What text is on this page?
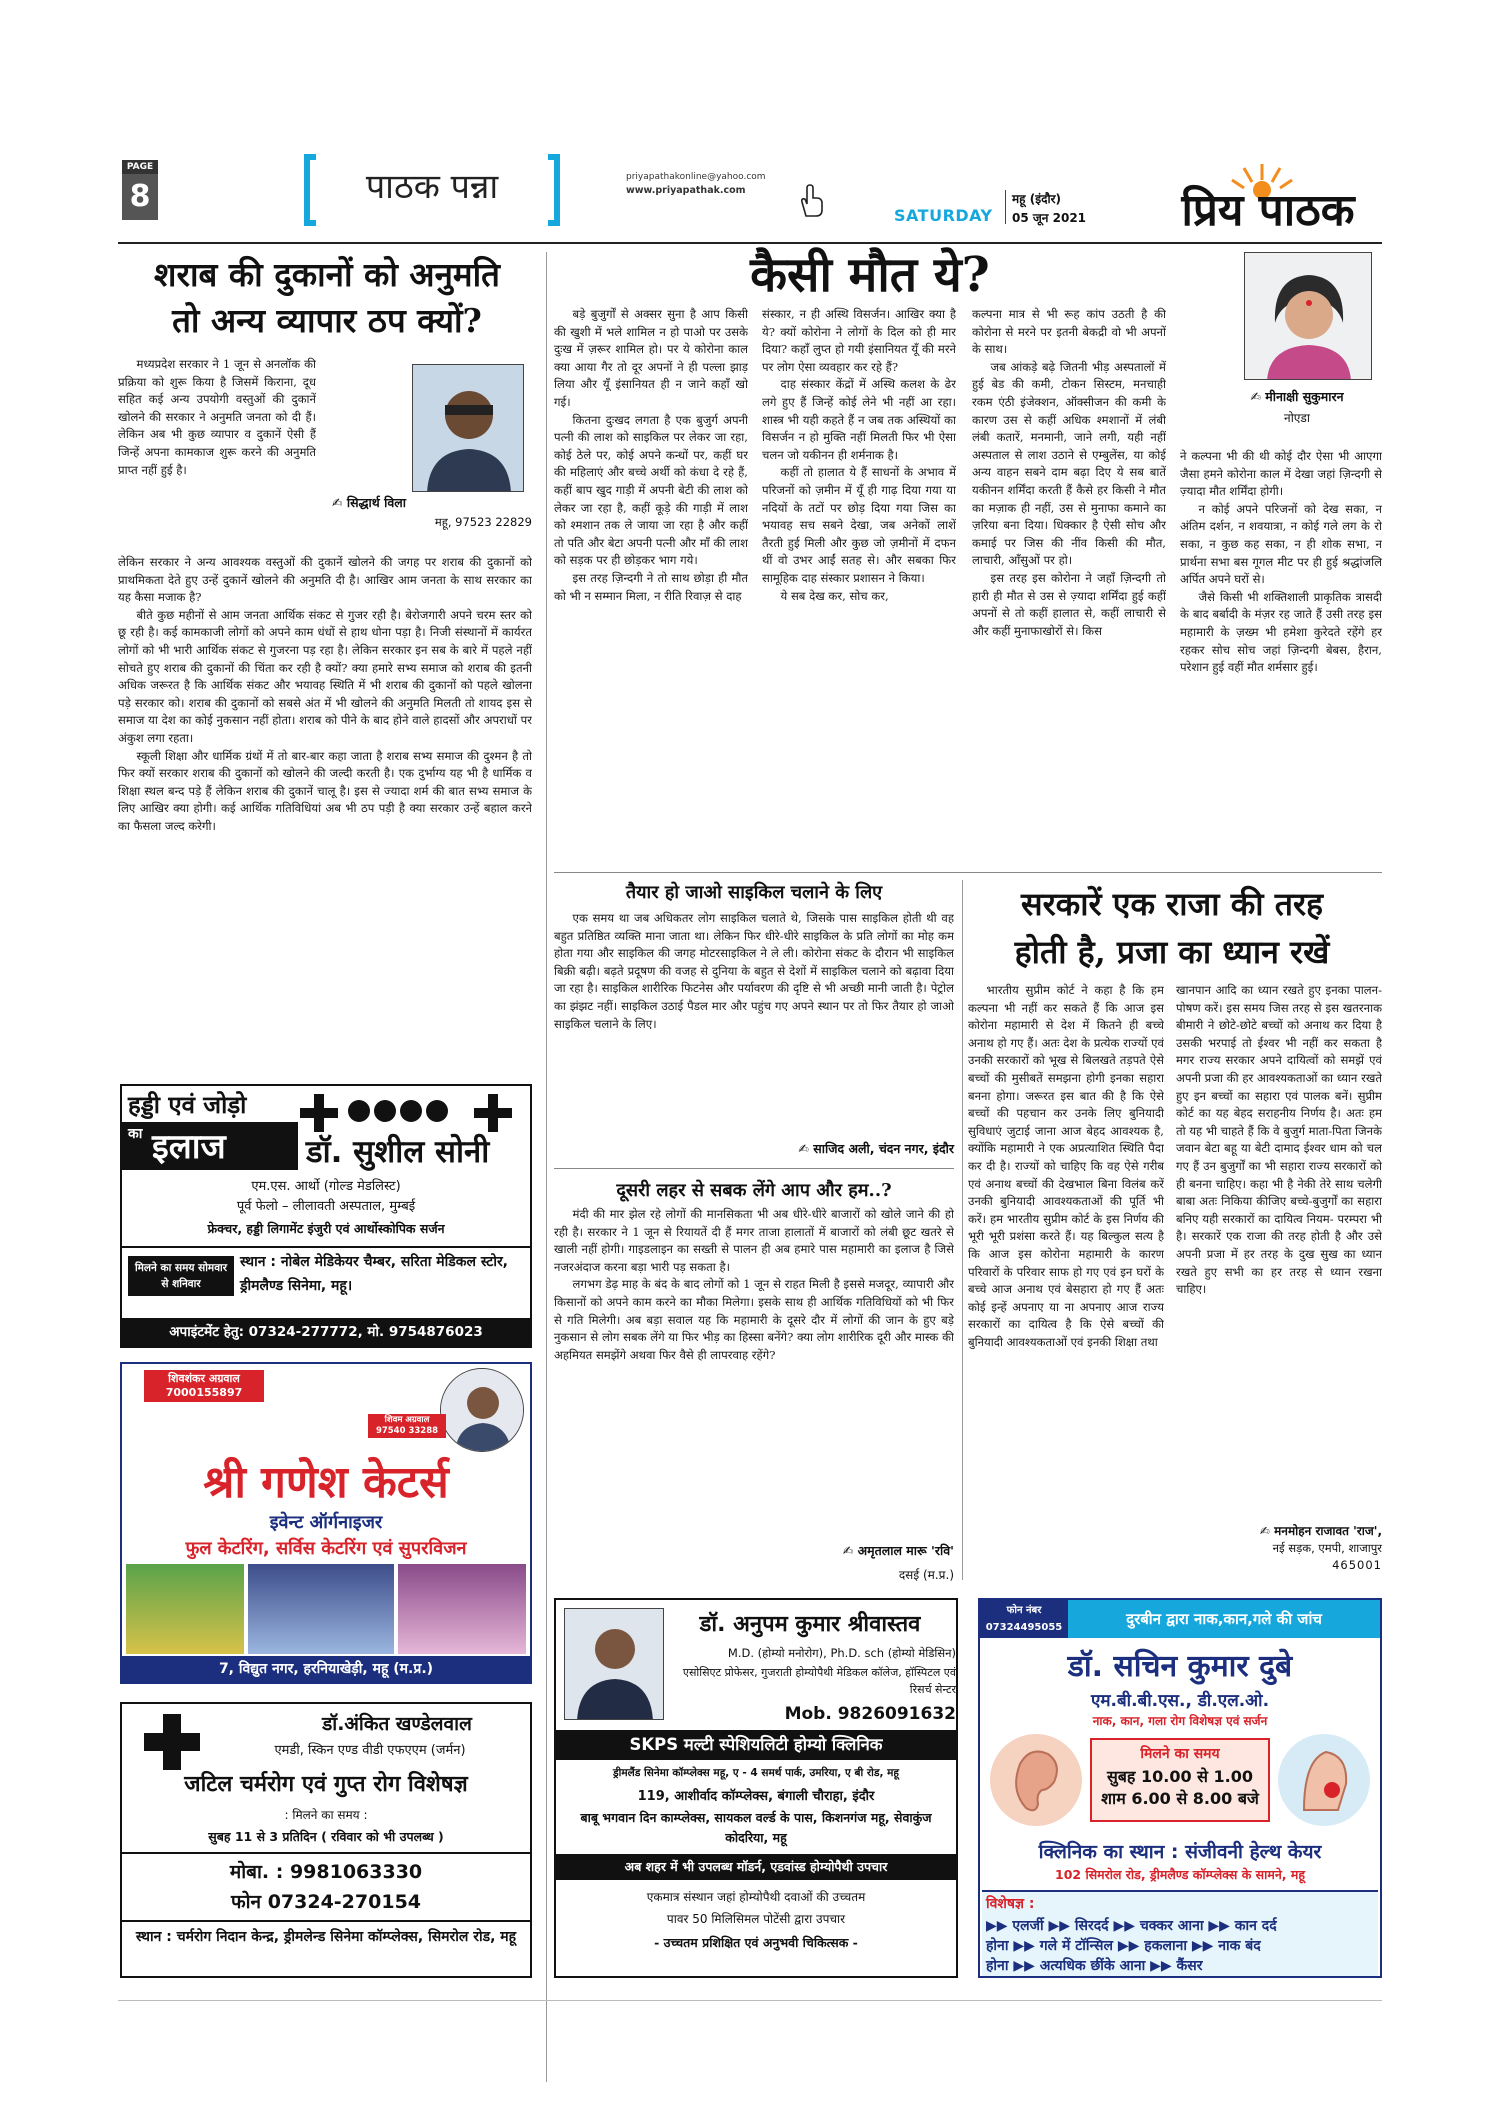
PAGE
8	पाठक पन्ना	priyapathakonline@yahoo.com
www.priyapathak.com
SATURDAY
महू (इंदौर)
05 जून 2021	प्रिय पाठक
शराब की दुकानों को अनुमति
तो अन्य व्यापार ठप क्यों?

मध्यप्रदेश सरकार ने 1 जून से अनलॉक की प्रक्रिया को शुरू किया है जिसमें किराना, दूध सहित कई अन्य उपयोगी वस्तुओं की दुकानें खोलने की सरकार ने अनुमति जनता को दी हैं। लेकिन अब भी कुछ व्यापार व दुकानें ऐसी हैं जिन्हें अपना कामकाज शुरू करने की अनुमति प्राप्त नहीं हुई है।

✍ सिद्धार्थ विला
महू, 97523 22829

लेकिन सरकार ने अन्य आवश्यक वस्तुओं की दुकानें खोलने की जगह पर शराब की दुकानों को प्राथमिकता देते हुए उन्हें दुकानें खोलने की अनुमति दी है। आखिर आम जनता के साथ सरकार का यह कैसा मजाक है?

बीते कुछ महीनों से आम जनता आर्थिक संकट से गुजर रही है। बेरोजगारी अपने चरम स्तर को छू रही है। कई कामकाजी लोगों को अपने काम धंधों से हाथ धोना पड़ा है। निजी संस्थानों में कार्यरत लोगों को भी भारी आर्थिक संकट से गुजरना पड़ रहा है। लेकिन सरकार इन सब के बारे में पहले नहीं सोचते हुए शराब की दुकानों की चिंता कर रही है क्यों? क्या हमारे सभ्य समाज को शराब की इतनी अधिक जरूरत है कि आर्थिक संकट और भयावह स्थिति में भी शराब की दुकानों को पहले खोलना पड़े सरकार को। शराब की दुकानों को सबसे अंत में भी खोलने की अनुमति मिलती तो शायद इस से समाज या देश का कोई नुकसान नहीं होता। शराब को पीने के बाद होने वाले हादसों और अपराधों पर अंकुश लगा रहता।

स्कूली शिक्षा और धार्मिक ग्रंथों में तो बार-बार कहा जाता है शराब सभ्य समाज की दुश्मन है तो फिर क्यों सरकार शराब की दुकानों को खोलने की जल्दी करती है। एक दुर्भाग्य यह भी है धार्मिक व शिक्षा स्थल बन्द पड़े हैं लेकिन शराब की दुकानें चालू है। इस से ज्यादा शर्म की बात सभ्य समाज के लिए आखिर क्या होगी। कई आर्थिक गतिविधियां अब भी ठप पड़ी है क्या सरकार उन्हें बहाल करने का फैसला जल्द करेगी।

कैसी मौत ये?
✍ मीनाक्षी सुकुमारन
नोएडा

बड़े बुजुर्गों से अक्सर सुना है आप किसी की खुशी में भले शामिल न हो पाओ पर उसके दुःख में ज़रूर शामिल हो। पर ये कोरोना काल क्या आया गैर तो दूर अपनों ने ही पल्ला झाड़ लिया और यूँ इंसानियत ही न जाने कहाँ खो गई।

कितना दुःखद लगता है एक बुजुर्ग अपनी पत्नी की लाश को साइकिल पर लेकर जा रहा, कोई ठेले पर, कोई अपने कन्धों पर, कहीं घर की महिलाएं और बच्चे अर्थी को कंधा दे रहे हैं, कहीं बाप खुद गाड़ी में अपनी बेटी की लाश को लेकर जा रहा है, कहीं कूड़े की गाड़ी में लाश को श्मशान तक ले जाया जा रहा है और कहीं तो पति और बेटा अपनी पत्नी और माँ की लाश को सड़क पर ही छोड़कर भाग गये।

इस तरह ज़िन्दगी ने तो साथ छोड़ा ही मौत को भी न सम्मान मिला, न रीति रिवाज़ से दाह

संस्कार, न ही अस्थि विसर्जन। आखिर क्या है ये? क्यों कोरोना ने लोगों के दिल को ही मार दिया? कहाँ लुप्त हो गयी इंसानियत यूँ की मरने पर लोग ऐसा व्यवहार कर रहे हैं?

दाह संस्कार केंद्रों में अस्थि कलश के ढेर लगे हुए हैं जिन्हें कोई लेने भी नहीं आ रहा। शास्त्र भी यही कहते हैं न जब तक अस्थियों का विसर्जन न हो मुक्ति नहीं मिलती फिर भी ऐसा चलन जो यकीनन ही शर्मनाक है।

कहीं तो हालात ये हैं साधनों के अभाव में परिजनों को ज़मीन में यूँ ही गाढ़ दिया गया या नदियों के तटों पर छोड़ दिया गया जिस का भयावह सच सबने देखा, जब अनेकों लाशें तैरती हुई मिली और कुछ जो ज़मीनों में दफन थीं वो उभर आईं सतह से। और सबका फिर सामूहिक दाह संस्कार प्रशासन ने किया।

ये सब देख कर, सोच कर,

कल्पना मात्र से भी रूह कांप उठती है की कोरोना से मरने पर इतनी बेकद्री वो भी अपनों के साथ।

जब आंकड़े बढ़े जितनी भीड़ अस्पतालों में हुई बेड की कमी, टोकन सिस्टम, मनचाही रकम एंठी इंजेक्शन, ऑक्सीजन की कमी के कारण उस से कहीं अधिक श्मशानों में लंबी लंबी कतारें, मनमानी, जाने लगी, यही नहीं अस्पताल से लाश उठाने से एम्बुलेंस, या कोई अन्य वाहन सबने दाम बढ़ा दिए ये सब बातें यकीनन शर्मिंदा करती हैं कैसे हर किसी ने मौत का मज़ाक ही नहीं, उस से मुनाफा कमाने का ज़रिया बना दिया। धिक्कार है ऐसी सोच और कमाई पर जिस की नींव किसी की मौत, लाचारी, आँसुओं पर हो।

इस तरह इस कोरोना ने जहाँ ज़िन्दगी तो हारी ही मौत से उस से ज़्यादा शर्मिंदा हुई कहीं अपनों से तो कहीं हालात से, कहीं लाचारी से और कहीं मुनाफाखोरों से। किस

ने कल्पना भी की थी कोई दौर ऐसा भी आएगा जैसा हमने कोरोना काल में देखा जहां ज़िन्दगी से ज़्यादा मौत शर्मिंदा होगी।

न कोई अपने परिजनों को देख सका, न अंतिम दर्शन, न शवयात्रा, न कोई गले लग के रो सका, न कुछ कह सका, न ही शोक सभा, न प्रार्थना सभा बस गूगल मीट पर ही हुई श्रद्धांजलि अर्पित अपने घरों से।

जैसे किसी भी शक्तिशाली प्राकृतिक त्रासदी के बाद बर्बादी के मंज़र रह जाते हैं उसी तरह इस महामारी के ज़ख्म भी हमेशा कुरेदते रहेंगे हर रहकर सोच सोच जहां ज़िन्दगी बेबस, हैरान, परेशान हुई वहीं मौत शर्मसार हुई।

तैयार हो जाओ साइकिल चलाने के लिए

एक समय था जब अधिकतर लोग साइकिल चलाते थे, जिसके पास साइकिल होती थी वह बहुत प्रतिष्ठित व्यक्ति माना जाता था। लेकिन फिर धीरे-धीरे साइकिल के प्रति लोगों का मोह कम होता गया और साइकिल की जगह मोटरसाइकिल ने ले ली। कोरोना संकट के दौरान भी साइकिल बिक्री बढ़ी। बढ़ते प्रदूषण की वजह से दुनिया के बहुत से देशों में साइकिल चलाने को बढ़ावा दिया जा रहा है। साइकिल शारीरिक फिटनेस और पर्यावरण की दृष्टि से भी अच्छी मानी जाती है। पेट्रोल का झंझट नहीं। साइकिल उठाई पैडल मार और पहुंच गए अपने स्थान पर तो फिर तैयार हो जाओ साइकिल चलाने के लिए।

✍ साजिद अली, चंदन नगर, इंदौर
दूसरी लहर से सबक लेंगे आप और हम..?

मंदी की मार झेल रहे लोगों की मानसिकता भी अब धीरे-धीरे बाजारों को खोले जाने की हो रही है। सरकार ने 1 जून से रियायतें दी हैं मगर ताजा हालातों में बाजारों को लंबी छूट खतरे से खाली नहीं होगी। गाइडलाइन का सख्ती से पालन ही अब हमारे पास महामारी का इलाज है जिसे नजरअंदाज करना बड़ा भारी पड़ सकता है।

लगभग डेढ़ माह के बंद के बाद लोगों को 1 जून से राहत मिली है इससे मजदूर, व्यापारी और किसानों को अपने काम करने का मौका मिलेगा। इसके साथ ही आर्थिक गतिविधियों को भी फिर से गति मिलेगी। अब बड़ा सवाल यह कि महामारी के दूसरे दौर में लोगों की जान के हुए बड़े नुकसान से लोग सबक लेंगे या फिर भीड़ का हिस्सा बनेंगे? क्या लोग शारीरिक दूरी और मास्क की अहमियत समझेंगे अथवा फिर वैसे ही लापरवाह रहेंगे?

✍ अमृतलाल मारू 'रवि'
दसई (म.प्र.)
सरकारें एक राजा की तरह
होती है, प्रजा का ध्यान रखें

भारतीय सुप्रीम कोर्ट ने कहा है कि हम कल्पना भी नहीं कर सकते हैं कि आज इस कोरोना महामारी से देश में कितने ही बच्चे अनाथ हो गए हैं। अतः देश के प्रत्येक राज्यों एवं उनकी सरकारों को भूख से बिलखते तड़पते ऐसे बच्चों की मुसीबतें समझना होगी इनका सहारा बनना होगा। जरूरत इस बात की है कि ऐसे बच्चों की पहचान कर उनके लिए बुनियादी सुविधाएं जुटाई जाना आज बेहद आवश्यक है, क्योंकि महामारी ने एक अप्रत्याशित स्थिति पैदा कर दी है। राज्यों को चाहिए कि वह ऐसे गरीब एवं अनाथ बच्चों की देखभाल बिना विलंब करें उनकी बुनियादी आवश्यकताओं की पूर्ति भी करें। हम भारतीय सुप्रीम कोर्ट के इस निर्णय की भूरी भूरी प्रशंसा करते हैं। यह बिल्कुल सत्य है कि आज इस कोरोना महामारी के कारण परिवारों के परिवार साफ हो गए एवं इन घरों के बच्चे आज अनाथ एवं बेसहारा हो गए हैं अतः कोई इन्हें अपनाए या ना अपनाए आज राज्य सरकारों का दायित्व है कि ऐसे बच्चों की बुनियादी आवश्यकताओं एवं इनकी शिक्षा तथा

खानपान आदि का ध्यान रखते हुए इनका पालन-पोषण करें। इस समय जिस तरह से इस खतरनाक बीमारी ने छोटे-छोटे बच्चों को अनाथ कर दिया है उसकी भरपाई तो ईश्वर भी नहीं कर सकता है मगर राज्य सरकार अपने दायित्वों को समझें एवं अपनी प्रजा की हर आवश्यकताओं का ध्यान रखते हुए इन बच्चों का सहारा एवं पालक बनें। सुप्रीम कोर्ट का यह बेहद सराहनीय निर्णय है। अतः हम तो यह भी चाहते हैं कि वे बुजुर्ग माता-पिता जिनके जवान बेटा बहू या बेटी दामाद ईश्वर धाम को चल गए हैं उन बुजुर्गों का भी सहारा राज्य सरकारों को ही बनना चाहिए। कहा भी है नेकी तेरे साथ चलेगी बाबा अतः निकिया कीजिए बच्चे-बुजुर्गों का सहारा बनिए यही सरकारों का दायित्व नियम- परम्परा भी है। सरकारें एक राजा की तरह होती है और उसे अपनी प्रजा में हर तरह के दुख सुख का ध्यान रखते हुए सभी का हर तरह से ध्यान रखना चाहिए।

✍ मनमोहन राजावत 'राज',
नई सड़क, एमपी, शाजापुर
465001
हड्डी एवं जोड़ो
का इलाज	डॉ. सुशील सोनी
एम.एस. आर्थो (गोल्ड मेडलिस्ट)
पूर्व फेलो – लीलावती अस्पताल, मुम्बई
फ्रेक्चर, हड्डी लिगामेंट इंजुरी एवं आर्थोस्कोपिक सर्जन
मिलने का समय सोमवार से शनिवार
स्थान : नोबेल मेडिकेयर चैम्बर, सरिता मेडिकल स्टोर, ड्रीमलैण्ड सिनेमा, महू।
अपाइंटमेंट हेतु: 07324-277772, मो. 9754876023
शिवशंकर अग्रवाल
7000155897
शिवम अग्रवाल
97540 33288
श्री गणेश केटर्स
इवेन्ट ऑर्गनाइजर
फुल केटरिंग, सर्विस केटरिंग एवं सुपरविजन
7, विद्युत नगर, हरनियाखेड़ी, महू (म.प्र.)
डॉ.अंकित खण्डेलवाल
एमडी, स्किन एण्ड वीडी एफएएम (जर्मन)
जटिल चर्मरोग एवं गुप्त रोग विशेषज्ञ
: मिलने का समय :
सुबह 11 से 3 प्रतिदिन ( रविवार को भी उपलब्ध )
मोबा. : 9981063330
फोन 07324-270154
स्थान : चर्मरोग निदान केन्द्र, ड्रीमलेन्ड सिनेमा कॉम्प्लेक्स, सिमरोल रोड, महू
डॉ. अनुपम कुमार श्रीवास्तव
M.D. (होम्यो मनोरोग), Ph.D. sch (होम्यो मेडिसिन)
एसोसिएट प्रोफेसर, गुजराती होम्योपैथी मेडिकल कॉलेज, हॉस्पिटल एवं रिसर्च सेन्टर
Mob. 9826091632
SKPS मल्टी स्पेशियलिटी होम्यो क्लिनिक
ड्रीमलैंड सिनेमा कॉम्प्लेक्स महू, ए - 4 समर्थ पार्क, उमरिया, ए बी रोड, महू
119, आशीर्वाद कॉम्प्लेक्स, बंगाली चौराहा, इंदौर
बाबू भगवान दिन काम्प्लेक्स, सायकल वर्ल्ड के पास, किशनगंज महू, सेवाकुंज कोदरिया, महू
अब शहर में भी उपलब्ध मॉडर्न, एडवांस्ड होम्योपैथी उपचार
एकमात्र संस्थान जहां होम्योपैथी दवाओं की उच्चतम
पावर 50 मिलिसिमल पोटेंसी द्वारा उपचार
- उच्चतम प्रशिक्षित एवं अनुभवी चिकित्सक -
फोन नंबर
07324495055	दुरबीन द्वारा नाक,कान,गले की जांच
डॉ. सचिन कुमार दुबे
एम.बी.बी.एस., डी.एल.ओ.
नाक, कान, गला रोग विशेषज्ञ एवं सर्जन
मिलने का समय
सुबह 10.00 से 1.00
शाम 6.00 से 8.00 बजे
क्लिनिक का स्थान : संजीवनी हेल्थ केयर
102 सिमरोल रोड, ड्रीमलैण्ड कॉम्प्लेक्स के सामने, महू
विशेषज्ञ :
▶▶ एलर्जी ▶▶ सिरदर्द ▶▶ चक्कर आना ▶▶ कान दर्द
होना ▶▶ गले में टॉन्सिल ▶▶ हकलाना ▶▶ नाक बंद
होना ▶▶ अत्यधिक छींके आना ▶▶ कैंसर
